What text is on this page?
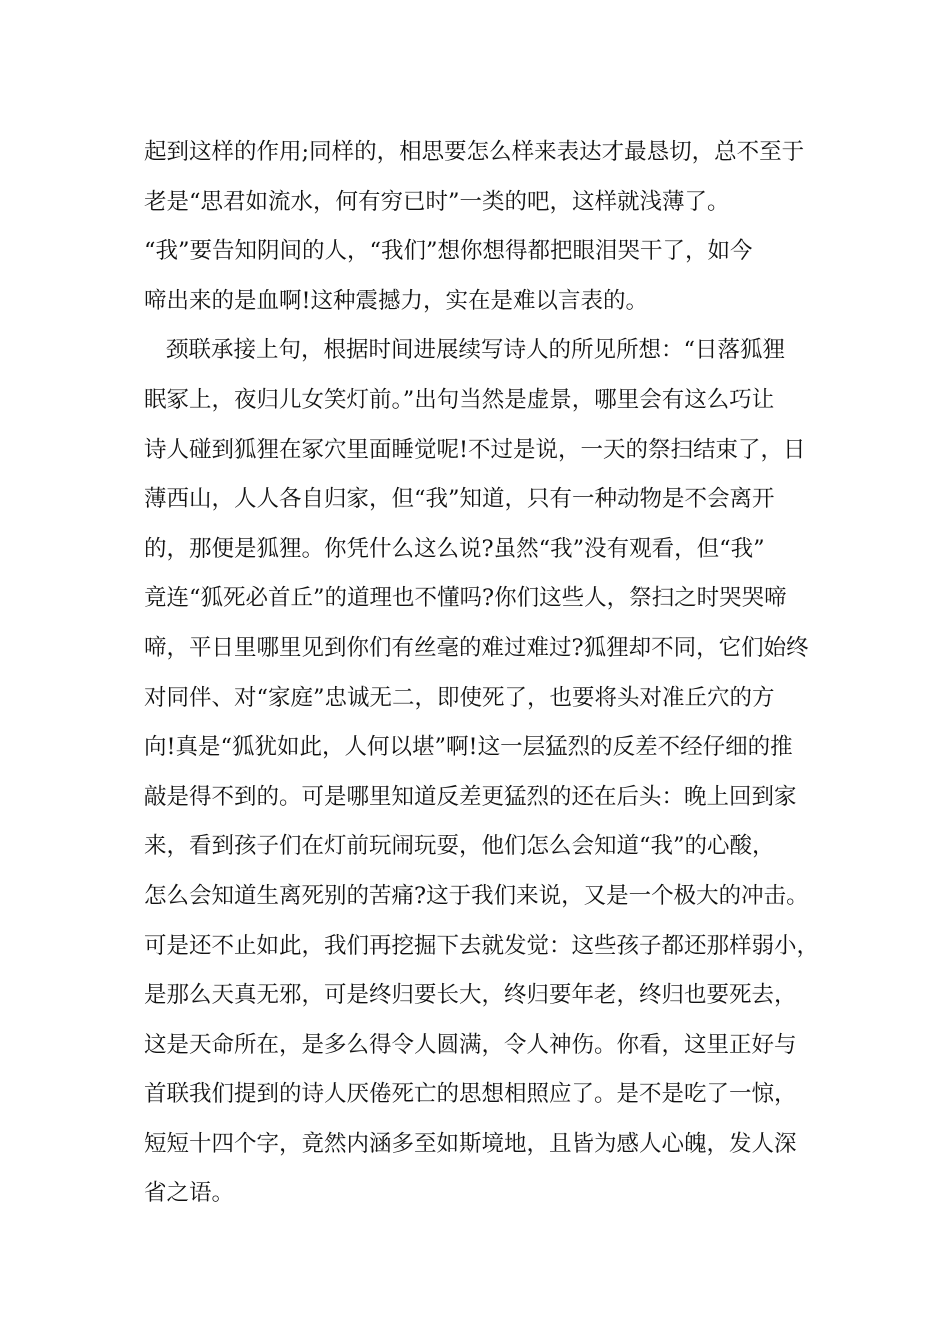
起到这样的作用;同样的，相思要怎么样来表达才最恳切，总不至于

老是“思君如流水，何有穷已时”一类的吧，这样就浅薄了。

“我”要告知阴间的人，“我们”想你想得都把眼泪哭干了，如今

啼出来的是血啊!这种震撼力，实在是难以言表的。

颈联承接上句，根据时间进展续写诗人的所见所想：“日落狐狸

眠冢上，夜归儿女笑灯前。”出句当然是虚景，哪里会有这么巧让

诗人碰到狐狸在冢穴里面睡觉呢!不过是说，一天的祭扫结束了，日

薄西山，人人各自归家，但“我”知道，只有一种动物是不会离开

的，那便是狐狸。你凭什么这么说?虽然“我”没有观看，但“我”

竟连“狐死必首丘”的道理也不懂吗?你们这些人，祭扫之时哭哭啼

啼，平日里哪里见到你们有丝毫的难过难过?狐狸却不同，它们始终

对同伴、对“家庭”忠诚无二，即使死了，也要将头对准丘穴的方

向!真是“狐犹如此，人何以堪”啊!这一层猛烈的反差不经仔细的推

敲是得不到的。可是哪里知道反差更猛烈的还在后头：晚上回到家

来，看到孩子们在灯前玩闹玩耍，他们怎么会知道“我”的心酸，

怎么会知道生离死别的苦痛?这于我们来说，又是一个极大的冲击。

可是还不止如此，我们再挖掘下去就发觉：这些孩子都还那样弱小，

是那么天真无邪，可是终归要长大，终归要年老，终归也要死去，

这是天命所在，是多么得令人圆满，令人神伤。你看，这里正好与

首联我们提到的诗人厌倦死亡的思想相照应了。是不是吃了一惊，

短短十四个字，竟然内涵多至如斯境地，且皆为感人心魄，发人深

省之语。
